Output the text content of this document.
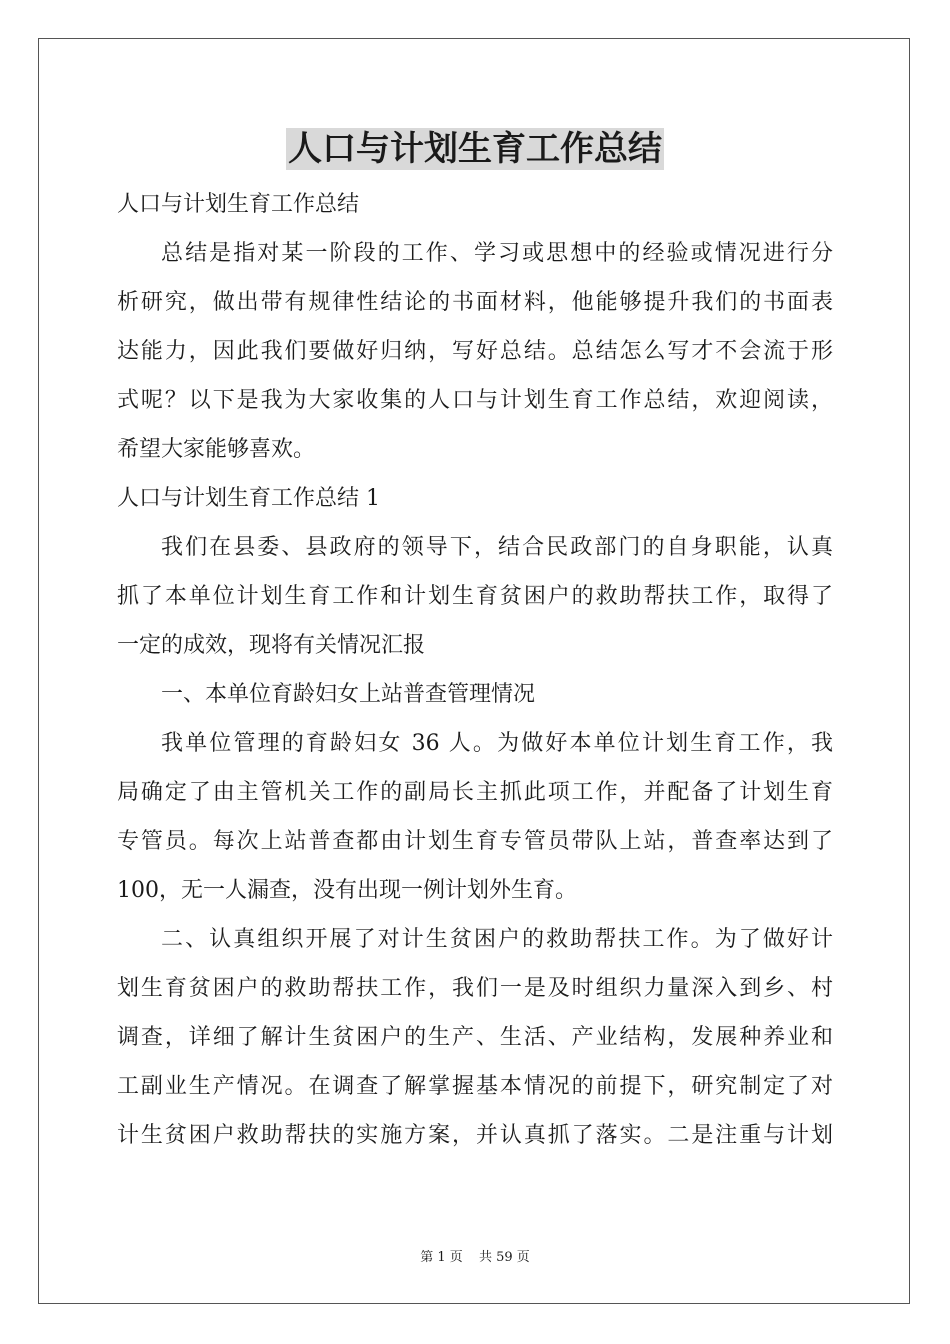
人口与计划生育工作总结
人口与计划生育工作总结
总结是指对某一阶段的工作、学习或思想中的经验或情况进行分
析研究，做出带有规律性结论的书面材料，他能够提升我们的书面表
达能力，因此我们要做好归纳，写好总结。总结怎么写才不会流于形
式呢？以下是我为大家收集的人口与计划生育工作总结，欢迎阅读，
希望大家能够喜欢。
人口与计划生育工作总结 1
我们在县委、县政府的领导下，结合民政部门的自身职能，认真
抓了本单位计划生育工作和计划生育贫困户的救助帮扶工作，取得了
一定的成效，现将有关情况汇报
一、本单位育龄妇女上站普查管理情况
我单位管理的育龄妇女 36 人。为做好本单位计划生育工作，我
局确定了由主管机关工作的副局长主抓此项工作，并配备了计划生育
专管员。每次上站普查都由计划生育专管员带队上站，普查率达到了
100，无一人漏查，没有出现一例计划外生育。
二、认真组织开展了对计生贫困户的救助帮扶工作。为了做好计
划生育贫困户的救助帮扶工作，我们一是及时组织力量深入到乡、村
调查，详细了解计生贫困户的生产、生活、产业结构，发展种养业和
工副业生产情况。在调查了解掌握基本情况的前提下，研究制定了对
计生贫困户救助帮扶的实施方案，并认真抓了落实。二是注重与计划
第 1 页 共 59 页
